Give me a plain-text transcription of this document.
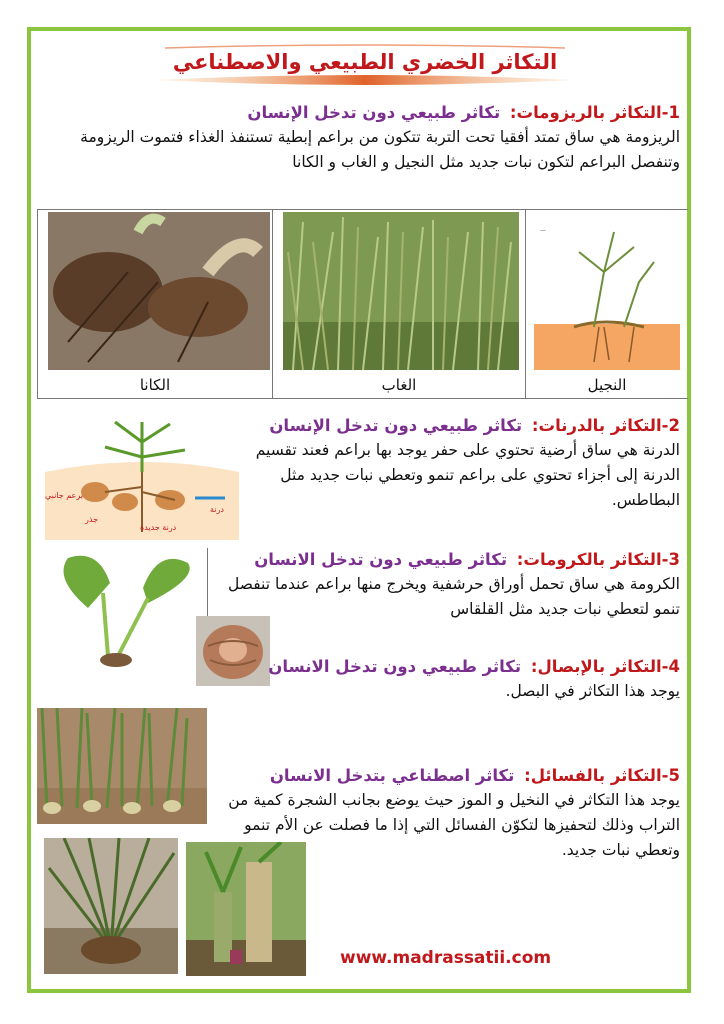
التكاثر الخضري الطبيعي والاصطناعي
1-التكاثر بالريزومات: تكاثر طبيعي دون تدخل الإنسان
الريزومة هي ساق تمتد أفقيا تحت التربة تتكون من براعم إبطية تستنفذ الغذاء فتموت الريزومة وتنفصل البراعم لتكون نبات جديد مثل النجيل و الغاب و الكانا
الكانا	الغاب
—
النجيل
درنة
برعم جانبي
جذر
درنة جديدة
2-التكاثر بالدرنات: تكاثر طبيعي دون تدخل الإنسان
الدرنة هي ساق أرضية تحتوي على حفر يوجد بها براعم فعند تقسيم الدرنة إلى أجزاء تحتوي على براعم تنمو وتعطي نبات جديد مثل البطاطس.
3-التكاثر بالكرومات: تكاثر طبيعي دون تدخل الانسان
الكرومة هي ساق تحمل أوراق حرشفية ويخرج منها براعم عندما تنفصل تنمو لتعطي نبات جديد مثل القلقاس
4-التكاثر بالإبصال: تكاثر طبيعي دون تدخل الانسان
يوجد هذا التكاثر في البصل.
5-التكاثر بالفسائل: تكاثر اصطناعي بتدخل الانسان
يوجد هذا التكاثر في النخيل و الموز حيث يوضع بجانب الشجرة كمية من التراب وذلك لتحفيزها لتكوّن الفسائل التي إذا ما فصلت عن الأم تنمو وتعطي نبات جديد.
www.madrassatii.com
